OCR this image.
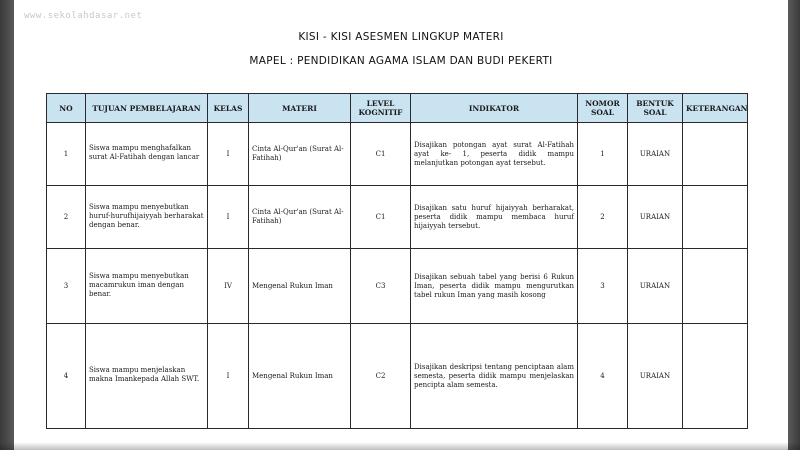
www.sekolahdasar.net
KISI - KISI ASESMEN LINGKUP MATERI
MAPEL : PENDIDIKAN AGAMA ISLAM DAN BUDI PEKERTI
NO	TUJUAN PEMBELAJARAN	KELAS	MATERI	LEVEL KOGNITIF	INDIKATOR	NOMOR SOAL	BENTUK SOAL	KETERANGAN
1	Siswa mampu menghafalkan surat Al-Fatihah dengan lancar	I	Cinta Al-Qur'an (Surat Al-Fatihah)	C1	Disajikan potongan ayat surat Al-Fatihah ayat ke- 1, peserta didik mampu melanjutkan potongan ayat tersebut.	1	URAIAN	
2	Siswa mampu menyebutkan huruf-hurufhijaiyyah berharakat dengan benar.	I	Cinta Al-Qur'an (Surat Al-Fatihah)	C1	Disajikan satu huruf hijaiyyah berharakat, peserta didik mampu membaca huruf hijaiyyah tersebut.	2	URAIAN	
3	Siswa mampu menyebutkan macamrukun iman dengan benar.	IV	Mengenal Rukun Iman	C3	Disajikan sebuah tabel yang berisi 6 Rukun Iman, peserta didik mampu mengurutkan tabel rukun Iman yang masih kosong	3	URAIAN	
4	Siswa mampu menjelaskan makna Imankepada Allah SWT.	I	Mengenal Rukun Iman	C2	Disajikan deskripsi tentang penciptaan alam semesta, peserta didik mampu menjelaskan pencipta alam semesta.	4	URAIAN	
